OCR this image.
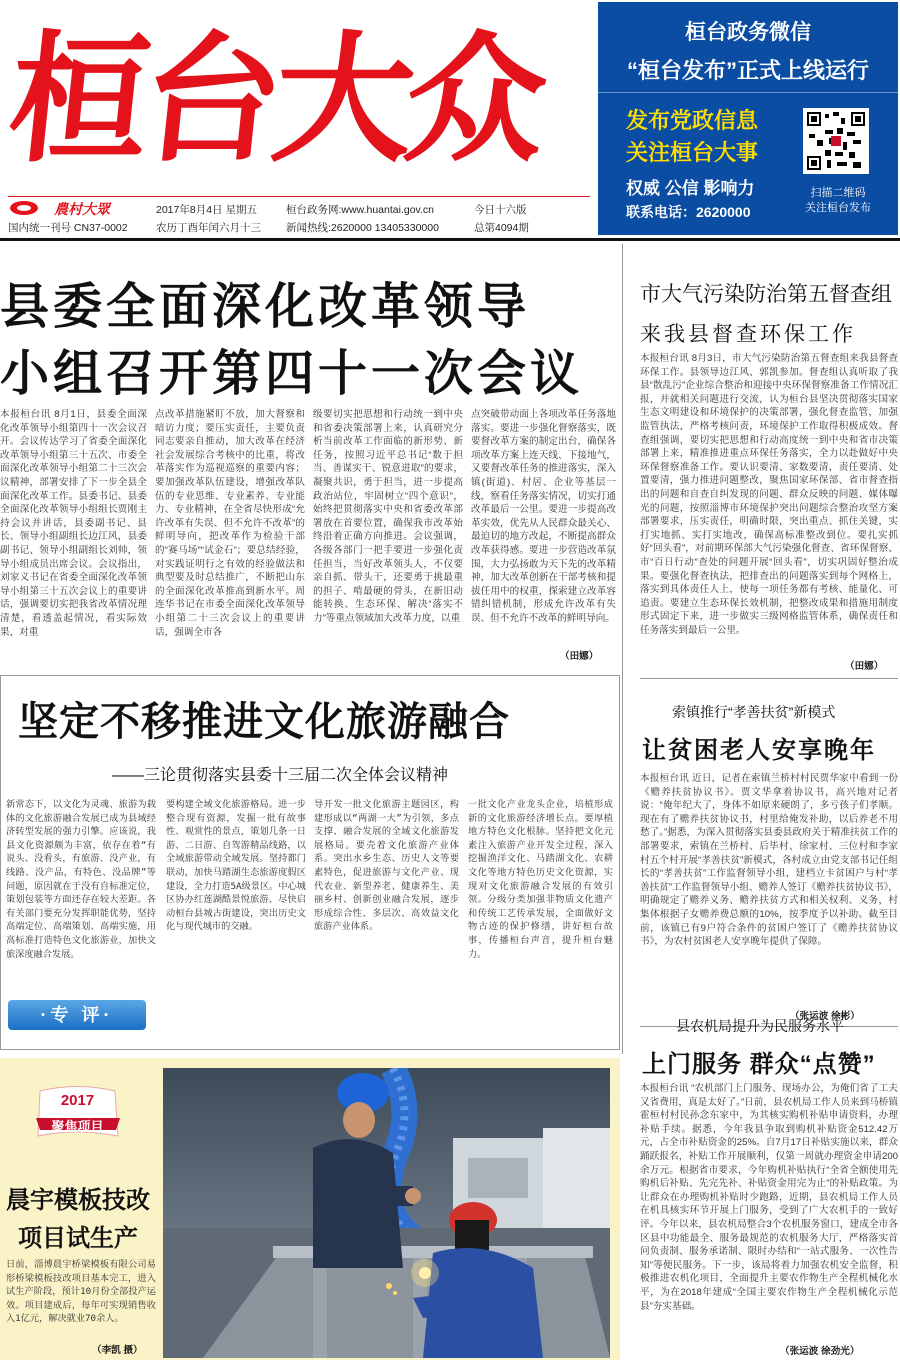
桓台大众
農村大眾
国内统一刊号 CN37-0002
2017年8月4日 星期五
农历丁酉年闰六月十三
桓台政务网:www.huantai.gov.cn
新闻热线:2620000 13405330000
今日十六版
总第4094期
桓台政务微信
“桓台发布”正式上线运行
发布党政信息
关注桓台大事
权威 公信 影响力
联系电话：2620000
扫描二维码
关注桓台发布
县委全面深化改革领导
小组召开第四十一次会议
本报桓台讯 8月1日，县委全面深化改革领导小组第四十一次会议召开。会议传达学习了省委全面深化改革领导小组第三十五次、市委全面深化改革领导小组第二十三次会议精神，部署安排了下一步全县全面深化改革工作。县委书记、县委全面深化改革领导小组组长贾刚主持会议并讲话，县委副书记、县长、领导小组副组长边江风，县委副书记、领导小组副组长刘帅，领导小组成员出席会议。会议指出，刘家义书记在省委全面深化改革领导小组第三十五次会议上的重要讲话，强调要切实把我省改革情况理清楚，看透盖起情况，看实际效果，对重
点改革措施紧盯不放，加大督察和暗访力度；要压实责任，主要负责同志要亲自推动，加大改革在经济社会发展综合考核中的比重，将改革落实作为巡视巡察的重要内容；要加强改革队伍建设，增强改革队伍的专业思维、专业素养、专业能力、专业精神，在全省尽快形成“允许改革有失误、但不允许不改革”的鲜明导向，把改革作为检验干部的“赛马场”“试金石”；要总结经验，对实践证明行之有效的经验做法和典型要及时总结推广，不断把山东的全面深化改革推高到新水平。周连华书记在市委全面深化改革领导小组第二十三次会议上的重要讲话，强调全市各
级要切实把思想和行动统一到中央和省委决策部署上来，认真研究分析当前改革工作面临的新形势、新任务，按照习近平总书记“数于担当、善谋实干、锐意进取”的要求，凝聚共识，勇于担当，进一步提高政治站位，牢固树立“四个意识”，始终把贯彻落实中央和省委改革部署放在首要位置，确保我市改革始终沿着正确方向推进。会议强调，各级各部门一把手要进一步强化责任担当，当好改革领头人，不仅要亲自抓、带头干，还要勇于挑最重的担子、啃最硬的骨头，在新旧动能转换、生态环保、解决“落实不力”等重点领域加大改革力度，以重
点突破带动面上各项改革任务落地落实。要进一步强化督察落实，既要督改革方案的制定出台，确保各项改革方案上连天线、下接地气，又要督改革任务的推进落实，深入镇(街道)、村居、企业等基层一线，察看任务落实情况，切实打通改革最后一公里。要进一步提高改革实效，优先从人民群众最关心、最迫切的地方改起，不断提高群众改革获得感。要进一步营造改革氛围，大力弘扬敢为天下先的改革精神，加大改革创新在干部考核和提拔任用中的权重，探索建立改革容错纠错机制，形成允许改革有失误、但不允许不改革的鲜明导向。
（田娜）
市大气污染防治第五督查组
来我县督查环保工作
本报桓台讯 8月3日，市大气污染防治第五督查组来我县督查环保工作。县领导边江风、郭凯参加。督查组认真听取了我县“散乱污”企业综合整治和迎接中央环保督察准备工作情况汇报，并就相关问题进行交流，认为桓台县坚决贯彻落实国家生态文明建设和环境保护的决策部署，强化督查监管，加强监管执法，严格考核问责，环境保护工作取得积极成效。督查组强调，要切实把思想和行动高度统一到中央和省市决策部署上来，精准推进重点环保任务落实，全力以赴做好中央环保督察准备工作。要认识要清、家数要清，责任要清、处置要清，强力推进问题整改，聚焦国家环保部、省市督查指出的问题和自查自纠发现的问题、群众反映的问题、媒体曝光的问题，按照淄博市环境保护突出问题综合整治攻坚方案部署要求，压实责任，明确时限，突出重点、抓住关键，实打实地抓、实打实地改，确保高标准整改到位。要扎实抓好“回头看”，对前期环保部大气污染强化督查、省环保督察、市“百日行动”查处的问题开展“回头看”，切实巩固好整治成果。要强化督查执法，把排查出的问题落实到每个网格上，落实到具体责任人上，使每一项任务都有考核、能量化、可追责。要建立生态环保长效机制，把整改成果和措施用制度形式固定下来，进一步做实三级网格监管体系，确保责任和任务落实到最后一公里。
（田娜）
坚定不移推进文化旅游融合
——三论贯彻落实县委十三届二次全体会议精神
新常态下，以文化为灵魂、旅游为载体的文化旅游融合发展已成为县域经济转型发展的强力引擎。应该说，我县文化资源颇为丰富，依存在着“有说头、没看头，有旅游、没产业，有线路、没产品，有特色、没品牌”等问题，原因就在于没有自标准定位，策划包装等方面还存在较大差距。各有关部门要充分发挥职能优势，坚持高端定位、高端策划、高端实施，用高标准打造特色文化旅游业，加快文旅深度融合发展。
要构建全域文化旅游格局。进一步整合现有资源，发掘一批有故事性、观赏性的景点，策划几条一日游、二日游、自驾游精品线路，以全域旅游带动全域发展。坚持都门联动，加快马踏湖生态旅游度假区建设，全力打造5A级景区。中心城区协办红莲湖酷景悦旅游、尽快启动桓台县城古街建设，突出历史文化与现代城市的交融。
导开发一批文化旅游主题园区，构建形成以“两湖一大”为引领，多点支撑、融合发展的全域文化旅游发展格局。要壳着文化旅游产业体系。突出水乡生态、历史人文等要素特色，促进旅游与文化产业、现代农业、新型养老、健康养生、美丽乡村、创新创业融合发展，逐步形成综合性、多层次、高效益文化旅游产业体系。
一批文化产业龙头企业，培植形成新的文化旅游经济增长点。要厚植地方特色文化根脉。坚持把文化元素注入旅游产业开发全过程，深入挖掘渔洋文化、马踏湖文化、农耕文化等地方特色历史文化资源，实现对文化旅游融合发展的有效引领。分级分类加强非物质文化遗产和传统工艺传承发展，全面做好文物古迹的保护修缮，讲好桓台故事，传播桓台声音，提升桓台魅力。
·专 评·
索镇推行“孝善扶贫”新模式
让贫困老人安享晚年
本报桓台讯 近日，记者在索镇兰桥村村民贾华家中看到一份《赡养扶贫协议书》。贾文华拿着协议书，高兴地对记者说：“俺年纪大了，身体不如原来硬朗了，多亏孩子们孝顺。现在有了赡养扶贫协议书，村里给俺发补助，以后养老不用愁了。”据悉，为深入贯彻落实县委县政府关于精准扶贫工作的部署要求，索镇在兰桥村、后毕村、徐家村、三位村和李家村五个村开展“孝善扶贫”新模式，各村成立由党支部书记任组长的“孝善扶贫”工作监督领导小组，建档立卡贫困户与村“孝善扶贫”工作监督领导小组、赡养人签订《赡养扶贫协议书》，明确规定了赡养义务、赡养扶贫方式和相关权利、义务，村集体根据子女赡养费总额的10%，按季度予以补助。截至目前，该镇已有9户符合条件的贫困户签订了《赡养扶贫协议书》，为农村贫困老人安享晚年提供了保障。
（张运波 徐彬）
县农机局提升为民服务水平
上门服务 群众“点赞”
本报桓台讯 “农机部门上门服务、现场办公，为俺们省了工夫又省费用，真是太好了。”日前，县农机局工作人员来到马桥镇霍桓村村民孙念东家中，为其核实购机补贴申请资料，办理补贴手续。据悉，今年我县争取到购机补贴资金512.42万元，占全市补贴资金的25%。自7月17日补贴实施以来，群众踊跃报名，补贴工作开展顺利，仅第一周就办理资金申请200余万元。根据省市要求，今年购机补贴执行“全省全额使用先购机后补贴、先完先补、补贴资金用完为止”的补贴政策。为让群众在办理购机补贴时少跑路，近期，县农机局工作人员在机具核实环节开展上门服务，受到了广大农机手的一致好评。今年以来，县农机局整合3个农机服务窗口，建成全市各区县中功能最全、服务最规范的农机服务大厅，严格落实首问负责制、服务承诺制、限时办结和“一站式服务、一次性告知”等便民服务。下一步，该局将着力加强农机安全监督，积极推进农机化项目，全面提升主要农作物生产全程机械化水平，为在2018年建成“全国主要农作物生产全程机械化示范县”夯实基础。
（张运波 徐劲光）
2017
聚焦项目
晨宇模板技改
项目试生产
日前，淄博晨宇桥梁模板有限公司易形桥梁模板技改项目基本完工，进入试生产阶段，预计10月份全部投产运效。项目建成后，每年可实现销售收入1亿元，解决就业70余人。
（李凯 摄）
